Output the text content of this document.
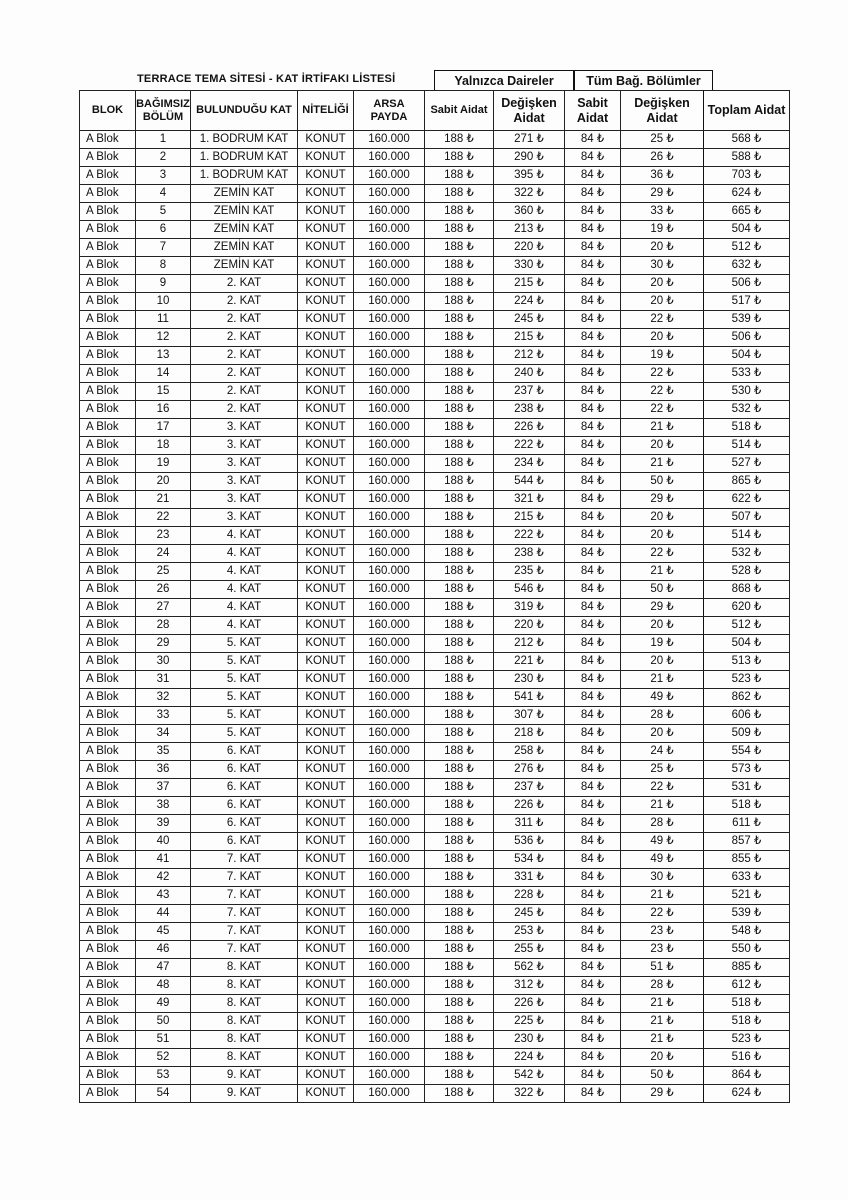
TERRACE TEMA SİTESİ - KAT İRTİFAKI LİSTESİ	Yalnızca Daireler	Tüm Bağ. Bölümler
BLOK	BAĞIMSIZ BÖLÜM	BULUNDUĞU KAT	NİTELİĞİ	ARSA PAYDA	Sabit Aidat	Değişken Aidat	Sabit Aidat	Değişken Aidat	Toplam Aidat
A Blok	1	1. BODRUM KAT	KONUT	160.000	188 ₺	271 ₺	84 ₺	25 ₺	568 ₺
A Blok	2	1. BODRUM KAT	KONUT	160.000	188 ₺	290 ₺	84 ₺	26 ₺	588 ₺
A Blok	3	1. BODRUM KAT	KONUT	160.000	188 ₺	395 ₺	84 ₺	36 ₺	703 ₺
A Blok	4	ZEMİN KAT	KONUT	160.000	188 ₺	322 ₺	84 ₺	29 ₺	624 ₺
A Blok	5	ZEMİN KAT	KONUT	160.000	188 ₺	360 ₺	84 ₺	33 ₺	665 ₺
A Blok	6	ZEMİN KAT	KONUT	160.000	188 ₺	213 ₺	84 ₺	19 ₺	504 ₺
A Blok	7	ZEMİN KAT	KONUT	160.000	188 ₺	220 ₺	84 ₺	20 ₺	512 ₺
A Blok	8	ZEMİN KAT	KONUT	160.000	188 ₺	330 ₺	84 ₺	30 ₺	632 ₺
A Blok	9	2. KAT	KONUT	160.000	188 ₺	215 ₺	84 ₺	20 ₺	506 ₺
A Blok	10	2. KAT	KONUT	160.000	188 ₺	224 ₺	84 ₺	20 ₺	517 ₺
A Blok	11	2. KAT	KONUT	160.000	188 ₺	245 ₺	84 ₺	22 ₺	539 ₺
A Blok	12	2. KAT	KONUT	160.000	188 ₺	215 ₺	84 ₺	20 ₺	506 ₺
A Blok	13	2. KAT	KONUT	160.000	188 ₺	212 ₺	84 ₺	19 ₺	504 ₺
A Blok	14	2. KAT	KONUT	160.000	188 ₺	240 ₺	84 ₺	22 ₺	533 ₺
A Blok	15	2. KAT	KONUT	160.000	188 ₺	237 ₺	84 ₺	22 ₺	530 ₺
A Blok	16	2. KAT	KONUT	160.000	188 ₺	238 ₺	84 ₺	22 ₺	532 ₺
A Blok	17	3. KAT	KONUT	160.000	188 ₺	226 ₺	84 ₺	21 ₺	518 ₺
A Blok	18	3. KAT	KONUT	160.000	188 ₺	222 ₺	84 ₺	20 ₺	514 ₺
A Blok	19	3. KAT	KONUT	160.000	188 ₺	234 ₺	84 ₺	21 ₺	527 ₺
A Blok	20	3. KAT	KONUT	160.000	188 ₺	544 ₺	84 ₺	50 ₺	865 ₺
A Blok	21	3. KAT	KONUT	160.000	188 ₺	321 ₺	84 ₺	29 ₺	622 ₺
A Blok	22	3. KAT	KONUT	160.000	188 ₺	215 ₺	84 ₺	20 ₺	507 ₺
A Blok	23	4. KAT	KONUT	160.000	188 ₺	222 ₺	84 ₺	20 ₺	514 ₺
A Blok	24	4. KAT	KONUT	160.000	188 ₺	238 ₺	84 ₺	22 ₺	532 ₺
A Blok	25	4. KAT	KONUT	160.000	188 ₺	235 ₺	84 ₺	21 ₺	528 ₺
A Blok	26	4. KAT	KONUT	160.000	188 ₺	546 ₺	84 ₺	50 ₺	868 ₺
A Blok	27	4. KAT	KONUT	160.000	188 ₺	319 ₺	84 ₺	29 ₺	620 ₺
A Blok	28	4. KAT	KONUT	160.000	188 ₺	220 ₺	84 ₺	20 ₺	512 ₺
A Blok	29	5. KAT	KONUT	160.000	188 ₺	212 ₺	84 ₺	19 ₺	504 ₺
A Blok	30	5. KAT	KONUT	160.000	188 ₺	221 ₺	84 ₺	20 ₺	513 ₺
A Blok	31	5. KAT	KONUT	160.000	188 ₺	230 ₺	84 ₺	21 ₺	523 ₺
A Blok	32	5. KAT	KONUT	160.000	188 ₺	541 ₺	84 ₺	49 ₺	862 ₺
A Blok	33	5. KAT	KONUT	160.000	188 ₺	307 ₺	84 ₺	28 ₺	606 ₺
A Blok	34	5. KAT	KONUT	160.000	188 ₺	218 ₺	84 ₺	20 ₺	509 ₺
A Blok	35	6. KAT	KONUT	160.000	188 ₺	258 ₺	84 ₺	24 ₺	554 ₺
A Blok	36	6. KAT	KONUT	160.000	188 ₺	276 ₺	84 ₺	25 ₺	573 ₺
A Blok	37	6. KAT	KONUT	160.000	188 ₺	237 ₺	84 ₺	22 ₺	531 ₺
A Blok	38	6. KAT	KONUT	160.000	188 ₺	226 ₺	84 ₺	21 ₺	518 ₺
A Blok	39	6. KAT	KONUT	160.000	188 ₺	311 ₺	84 ₺	28 ₺	611 ₺
A Blok	40	6. KAT	KONUT	160.000	188 ₺	536 ₺	84 ₺	49 ₺	857 ₺
A Blok	41	7. KAT	KONUT	160.000	188 ₺	534 ₺	84 ₺	49 ₺	855 ₺
A Blok	42	7. KAT	KONUT	160.000	188 ₺	331 ₺	84 ₺	30 ₺	633 ₺
A Blok	43	7. KAT	KONUT	160.000	188 ₺	228 ₺	84 ₺	21 ₺	521 ₺
A Blok	44	7. KAT	KONUT	160.000	188 ₺	245 ₺	84 ₺	22 ₺	539 ₺
A Blok	45	7. KAT	KONUT	160.000	188 ₺	253 ₺	84 ₺	23 ₺	548 ₺
A Blok	46	7. KAT	KONUT	160.000	188 ₺	255 ₺	84 ₺	23 ₺	550 ₺
A Blok	47	8. KAT	KONUT	160.000	188 ₺	562 ₺	84 ₺	51 ₺	885 ₺
A Blok	48	8. KAT	KONUT	160.000	188 ₺	312 ₺	84 ₺	28 ₺	612 ₺
A Blok	49	8. KAT	KONUT	160.000	188 ₺	226 ₺	84 ₺	21 ₺	518 ₺
A Blok	50	8. KAT	KONUT	160.000	188 ₺	225 ₺	84 ₺	21 ₺	518 ₺
A Blok	51	8. KAT	KONUT	160.000	188 ₺	230 ₺	84 ₺	21 ₺	523 ₺
A Blok	52	8. KAT	KONUT	160.000	188 ₺	224 ₺	84 ₺	20 ₺	516 ₺
A Blok	53	9. KAT	KONUT	160.000	188 ₺	542 ₺	84 ₺	50 ₺	864 ₺
A Blok	54	9. KAT	KONUT	160.000	188 ₺	322 ₺	84 ₺	29 ₺	624 ₺
